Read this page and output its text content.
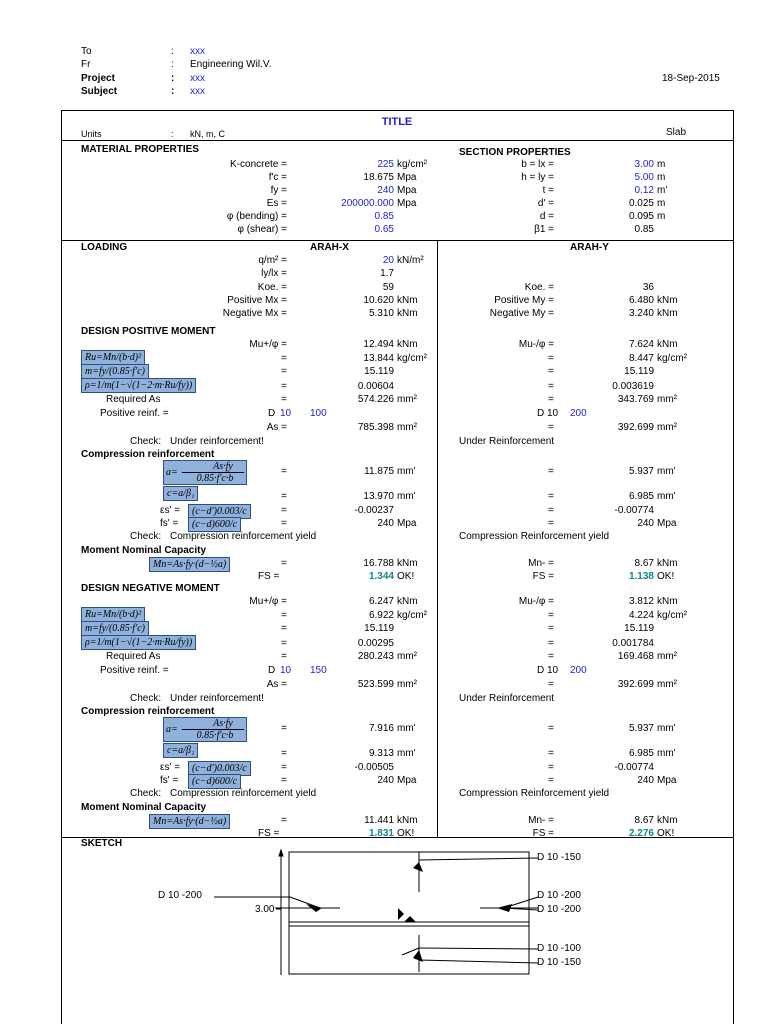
To	: xxx
Fr	: Engineering Wil.V.
Project	: xxx
Subject	: xxx
18-Sep-2015
TITLE
Units	: kN, m, C	Slab
MATERIAL PROPERTIES	SECTION PROPERTIES
LOADING	ARAH-X	ARAH-Y
q/m² =	20 kN/m²
ly/lx =	1.7
Koe. =	59	Koe. =	36
Positive Mx =	10.620 kNm	Positive My =	6.480 kNm
Negative Mx =	5.310 kNm	Negative My =	3.240 kNm
SKETCH
D 10 -200
3.00
D 10 -150
D 10 -200
D 10 -200
D 10 -100
D 10 -150
K-concrete =	225 kg/cm²
f'c =	18.675 Mpa
fy =	240 Mpa
Es =	200000.000 Mpa
φ (bending) =	0.85
φ (shear) =	0.65
b = lx =	3.00 m
h = ly =	5.00 m
t =	0.12 m'
d' =	0.025 m
d =	0.095 m
β1 =	0.85
DESIGN POSITIVE MOMENT
Mu+/φ =	12.494 kNm	Mu-/φ =	7.624 kNm
Ru=Mn/(b·d)²	=	13.844 kg/cm²	=	8.447 kg/cm²
m=fy/(0.85·f'c)	=	15.119	=	15.119
ρ=1/m(1−√(1−2·m·Ru/fy))	=	0.00604	=	0.003619
Required As	=	574.226 mm²	=	343.769 mm²
Positive reinf. =	D 10 100	D 10 200
As =	785.398 mm²	=	392.699 mm²
Check: Under reinforcement!	Under Reinforcement
Compression reinforcement
a=
As·fy
0.85·f'c·b
=	11.875 mm'	=	5.937 mm'
c=a/β₁	=	13.970 mm'	=	6.985 mm'
εs' =	(c−d')0.003/c	=	-0.00237	=	-0.00774
fs' =	(c−d)600/c	=	240 Mpa	=	240 Mpa
Check: Compression reinforcement yield	Compression Reinforcement yield
Moment Nominal Capacity
Mn=As·fy·(d−½a)	=	16.788 kNm	Mn- =	8.67 kNm
FS =	1.344 OK!	FS =	1.138 OK!
DESIGN NEGATIVE MOMENT
Mu+/φ =	6.247 kNm	Mu-/φ =	3.812 kNm
Ru=Mn/(b·d)²	=	6.922 kg/cm²	=	4.224 kg/cm²
m=fy/(0.85·f'c)	=	15.119	=	15.119
ρ=1/m(1−√(1−2·m·Ru/fy))	=	0.00295	=	0.001784
Required As	=	280.243 mm²	=	169.468 mm²
Positive reinf. =	D 10 150	D 10 200
As =	523.599 mm²	=	392.699 mm²
Check: Under reinforcement!	Under Reinforcement
Compression reinforcement
a=
As·fy
0.85·f'c·b
=	7.916 mm'	=	5.937 mm'
c=a/β₁	=	9.313 mm'	=	6.985 mm'
εs' =	(c−d')0.003/c	=	-0.00505	=	-0.00774
fs' =	(c−d)600/c	=	240 Mpa	=	240 Mpa
Check: Compression reinforcement yield	Compression Reinforcement yield
Moment Nominal Capacity
Mn=As·fy·(d−½a)	=	11.441 kNm	Mn- =	8.67 kNm
FS =	1.831 OK!	FS =	2.276 OK!
